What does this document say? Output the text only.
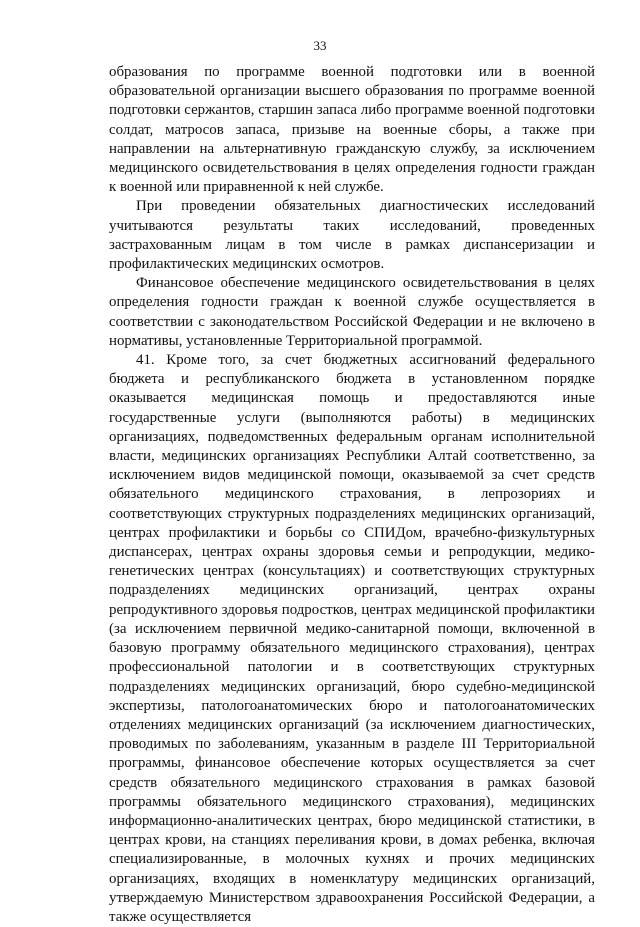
33

образования по программе военной подготовки или в военной образовательной организации высшего образования по программе военной подготовки сержантов, старшин запаса либо программе военной подготовки солдат, матросов запаса, призыве на военные сборы, а также при направлении на альтернативную гражданскую службу, за исключением медицинского освидетельствования в целях определения годности граждан к военной или приравненной к ней службе.

При проведении обязательных диагностических исследований учитываются результаты таких исследований, проведенных застрахованным лицам в том числе в рамках диспансеризации и профилактических медицинских осмотров.

Финансовое обеспечение медицинского освидетельствования в целях определения годности граждан к военной службе осуществляется в соответствии с законодательством Российской Федерации и не включено в нормативы, установленные Территориальной программой.

41. Кроме того, за счет бюджетных ассигнований федерального бюджета и республиканского бюджета в установленном порядке оказывается медицинская помощь и предоставляются иные государственные услуги (выполняются работы) в медицинских организациях, подведомственных федеральным органам исполнительной власти, медицинских организациях Республики Алтай соответственно, за исключением видов медицинской помощи, оказываемой за счет средств обязательного медицинского страхования, в лепрозориях и соответствующих структурных подразделениях медицинских организаций, центрах профилактики и борьбы со СПИДом, врачебно-физкультурных диспансерах, центрах охраны здоровья семьи и репродукции, медико-генетических центрах (консультациях) и соответствующих структурных подразделениях медицинских организаций, центрах охраны репродуктивного здоровья подростков, центрах медицинской профилактики (за исключением первичной медико-санитарной помощи, включенной в базовую программу обязательного медицинского страхования), центрах профессиональной патологии и в соответствующих структурных подразделениях медицинских организаций, бюро судебно-медицинской экспертизы, патологоанатомических бюро и патологоанатомических отделениях медицинских организаций (за исключением диагностических, проводимых по заболеваниям, указанным в разделе III Территориальной программы, финансовое обеспечение которых осуществляется за счет средств обязательного медицинского страхования в рамках базовой программы обязательного медицинского страхования), медицинских информационно-аналитических центрах, бюро медицинской статистики, в центрах крови, на станциях переливания крови, в домах ребенка, включая специализированные, в молочных кухнях и прочих медицинских организациях, входящих в номенклатуру медицинских организаций, утверждаемую Министерством здравоохранения Российской Федерации, а также осуществляется
